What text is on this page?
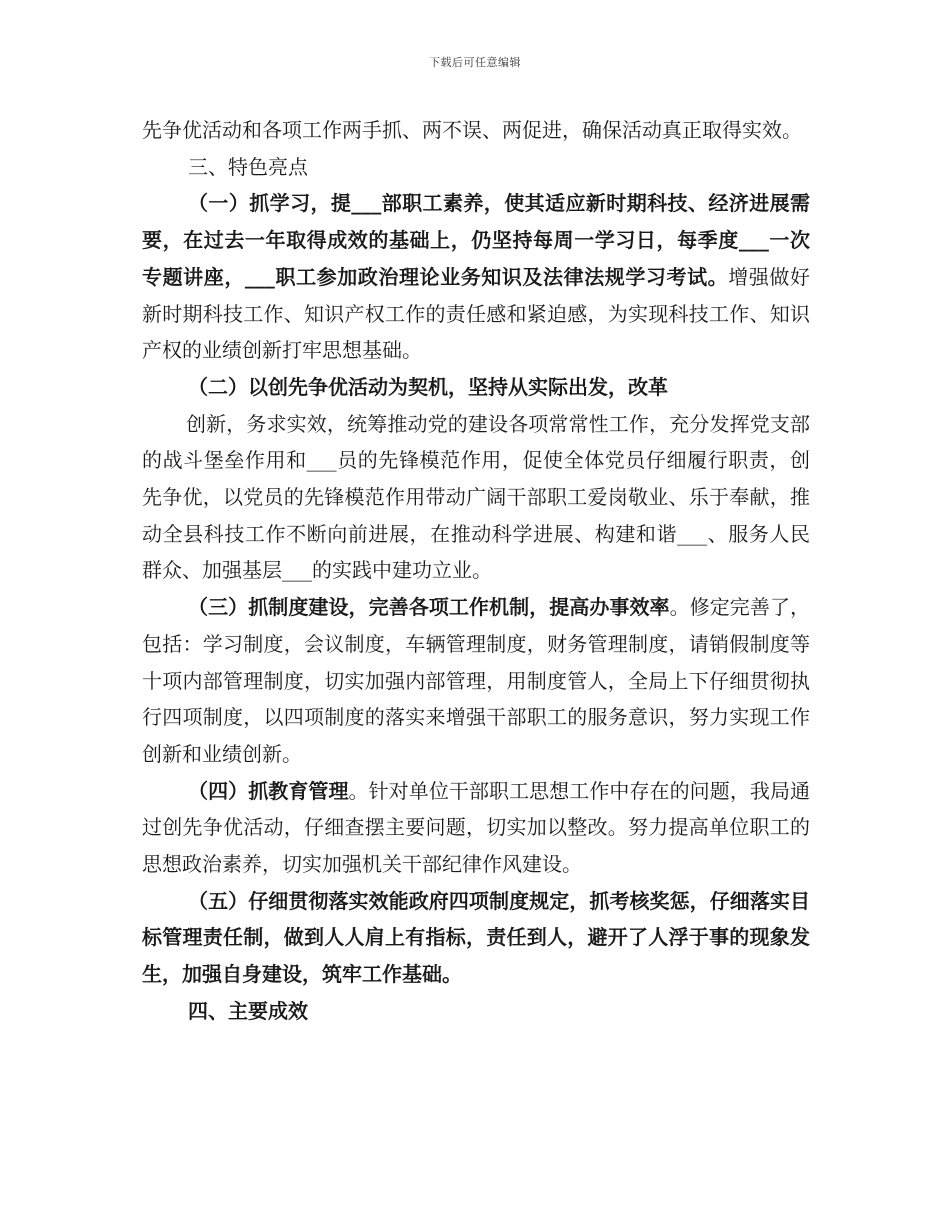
下载后可任意编辑

先争优活动和各项工作两手抓、两不误、两促进，确保活动真正取得实效。

三、特色亮点

（一）抓学习，提___部职工素养，使其适应新时期科技、经济进展需要，在过去一年取得成效的基础上，仍坚持每周一学习日，每季度___一次专题讲座，___职工参加政治理论业务知识及法律法规学习考试。增强做好新时期科技工作、知识产权工作的责任感和紧迫感，为实现科技工作、知识产权的业绩创新打牢思想基础。

（二）以创先争优活动为契机，坚持从实际出发，改革

创新，务求实效，统筹推动党的建设各项常常性工作，充分发挥党支部的战斗堡垒作用和___员的先锋模范作用，促使全体党员仔细履行职责，创先争优，以党员的先锋模范作用带动广阔干部职工爱岗敬业、乐于奉献，推动全县科技工作不断向前进展，在推动科学进展、构建和谐___、服务人民群众、加强基层___的实践中建功立业。

（三）抓制度建设，完善各项工作机制，提高办事效率。修定完善了，包括：学习制度，会议制度，车辆管理制度，财务管理制度，请销假制度等十项内部管理制度，切实加强内部管理，用制度管人，全局上下仔细贯彻执行四项制度，以四项制度的落实来增强干部职工的服务意识，努力实现工作创新和业绩创新。

（四）抓教育管理。针对单位干部职工思想工作中存在的问题，我局通过创先争优活动，仔细查摆主要问题，切实加以整改。努力提高单位职工的思想政治素养，切实加强机关干部纪律作风建设。

（五）仔细贯彻落实效能政府四项制度规定，抓考核奖惩，仔细落实目标管理责任制，做到人人肩上有指标，责任到人，避开了人浮于事的现象发生，加强自身建设，筑牢工作基础。

四、主要成效
